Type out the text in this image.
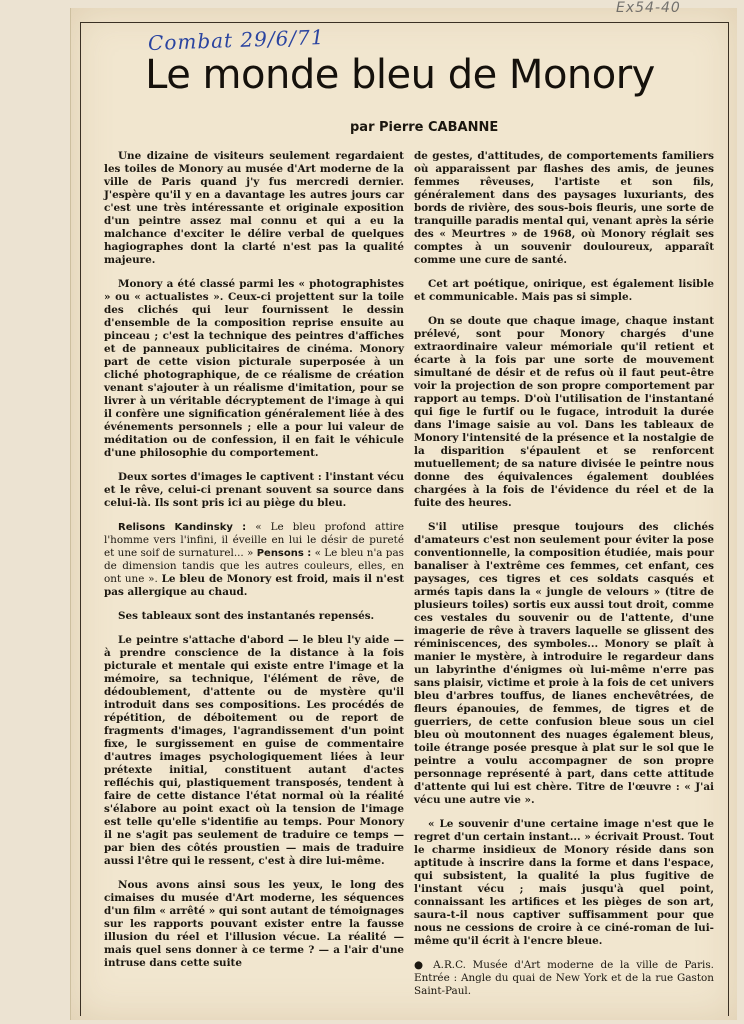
Combat 29/6/71
Ex54-40
Le monde bleu de Monory
par Pierre CABANNE

Une dizaine de visiteurs seulement regardaient les toiles de Monory au musée d'Art moderne de la ville de Paris quand j'y fus mercredi dernier. J'espère qu'il y en a davantage les autres jours car c'est une très intéressante et originale exposition d'un peintre assez mal connu et qui a eu la malchance d'exciter le délire verbal de quelques hagiographes dont la clarté n'est pas la qualité majeure.

Monory a été classé parmi les « photographistes » ou « actualistes ». Ceux-ci projettent sur la toile des clichés qui leur fournissent le dessin d'ensemble de la composition reprise ensuite au pinceau ; c'est la technique des peintres d'affiches et de panneaux publicitaires de cinéma. Monory part de cette vision picturale superposée à un cliché photographique, de ce réalisme de création venant s'ajouter à un réalisme d'imitation, pour se livrer à un véritable décryptement de l'image à qui il confère une signification généralement liée à des événements personnels ; elle a pour lui valeur de méditation ou de confession, il en fait le véhicule d'une philosophie du comportement.

Deux sortes d'images le captivent : l'instant vécu et le rêve, celui-ci prenant souvent sa source dans celui-là. Ils sont pris ici au piège du bleu.

Relisons Kandinsky : « Le bleu profond attire l'homme vers l'infini, il éveille en lui le désir de pureté et une soif de surnaturel... » Pensons : « Le bleu n'a pas de dimension tandis que les autres couleurs, elles, en ont une ». Le bleu de Monory est froid, mais il n'est pas allergique au chaud.

Ses tableaux sont des instantanés repensés.

Le peintre s'attache d'abord — le bleu l'y aide — à prendre conscience de la distance à la fois picturale et mentale qui existe entre l'image et la mémoire, sa technique, l'élément de rêve, de dédoublement, d'attente ou de mystère qu'il introduit dans ses compositions. Les procédés de répétition, de déboitement ou de report de fragments d'images, l'agrandissement d'un point fixe, le surgissement en guise de commentaire d'autres images psychologiquement liées à leur prétexte initial, constituent autant d'actes refléchis qui, plastiquement transposés, tendent à faire de cette distance l'état normal où la réalité s'élabore au point exact où la tension de l'image est telle qu'elle s'identifie au temps. Pour Monory il ne s'agit pas seulement de traduire ce temps — par bien des côtés proustien — mais de traduire aussi l'être qui le ressent, c'est à dire lui-même.

Nous avons ainsi sous les yeux, le long des cimaises du musée d'Art moderne, les séquences d'un film « arrêté » qui sont autant de témoignages sur les rapports pouvant exister entre la fausse illusion du réel et l'illusion vécue. La réalité — mais quel sens donner à ce terme ? — a l'air d'une intruse dans cette suite

de gestes, d'attitudes, de comportements familiers où apparaissent par flashes des amis, de jeunes femmes rêveuses, l'artiste et son fils, généralement dans des paysages luxuriants, des bords de rivière, des sous-bois fleuris, une sorte de tranquille paradis mental qui, venant après la série des « Meurtres » de 1968, où Monory réglait ses comptes à un souvenir douloureux, apparaît comme une cure de santé.

Cet art poétique, onirique, est également lisible et communicable. Mais pas si simple.

On se doute que chaque image, chaque instant prélevé, sont pour Monory chargés d'une extraordinaire valeur mémoriale qu'il retient et écarte à la fois par une sorte de mouvement simultané de désir et de refus où il faut peut-être voir la projection de son propre comportement par rapport au temps. D'où l'utilisation de l'instantané qui fige le furtif ou le fugace, introduit la durée dans l'image saisie au vol. Dans les tableaux de Monory l'intensité de la présence et la nostalgie de la disparition s'épaulent et se renforcent mutuellement; de sa nature divisée le peintre nous donne des équivalences également doublées chargées à la fois de l'évidence du réel et de la fuite des heures.

S'il utilise presque toujours des clichés d'amateurs c'est non seulement pour éviter la pose conventionnelle, la composition étudiée, mais pour banaliser à l'extrême ces femmes, cet enfant, ces paysages, ces tigres et ces soldats casqués et armés tapis dans la « jungle de velours » (titre de plusieurs toiles) sortis eux aussi tout droit, comme ces vestales du souvenir ou de l'attente, d'une imagerie de rêve à travers laquelle se glissent des réminiscences, des symboles... Monory se plaît à manier le mystère, à introduire le regardeur dans un labyrinthe d'énigmes où lui-même n'erre pas sans plaisir, victime et proie à la fois de cet univers bleu d'arbres touffus, de lianes enchevêtrées, de fleurs épanouies, de femmes, de tigres et de guerriers, de cette confusion bleue sous un ciel bleu où moutonnent des nuages également bleus, toile étrange posée presque à plat sur le sol que le peintre a voulu accompagner de son propre personnage représenté à part, dans cette attitude d'attente qui lui est chère. Titre de l'œuvre : « J'ai vécu une autre vie ».

« Le souvenir d'une certaine image n'est que le regret d'un certain instant... » écrivait Proust. Tout le charme insidieux de Monory réside dans son aptitude à inscrire dans la forme et dans l'espace, qui subsistent, la qualité la plus fugitive de l'instant vécu ; mais jusqu'à quel point, connaissant les artifices et les pièges de son art, saura-t-il nous captiver suffisamment pour que nous ne cessions de croire à ce ciné-roman de lui-même qu'il écrit à l'encre bleue.

● A.R.C. Musée d'Art moderne de la ville de Paris. Entrée : Angle du quai de New York et de la rue Gaston Saint-Paul.
